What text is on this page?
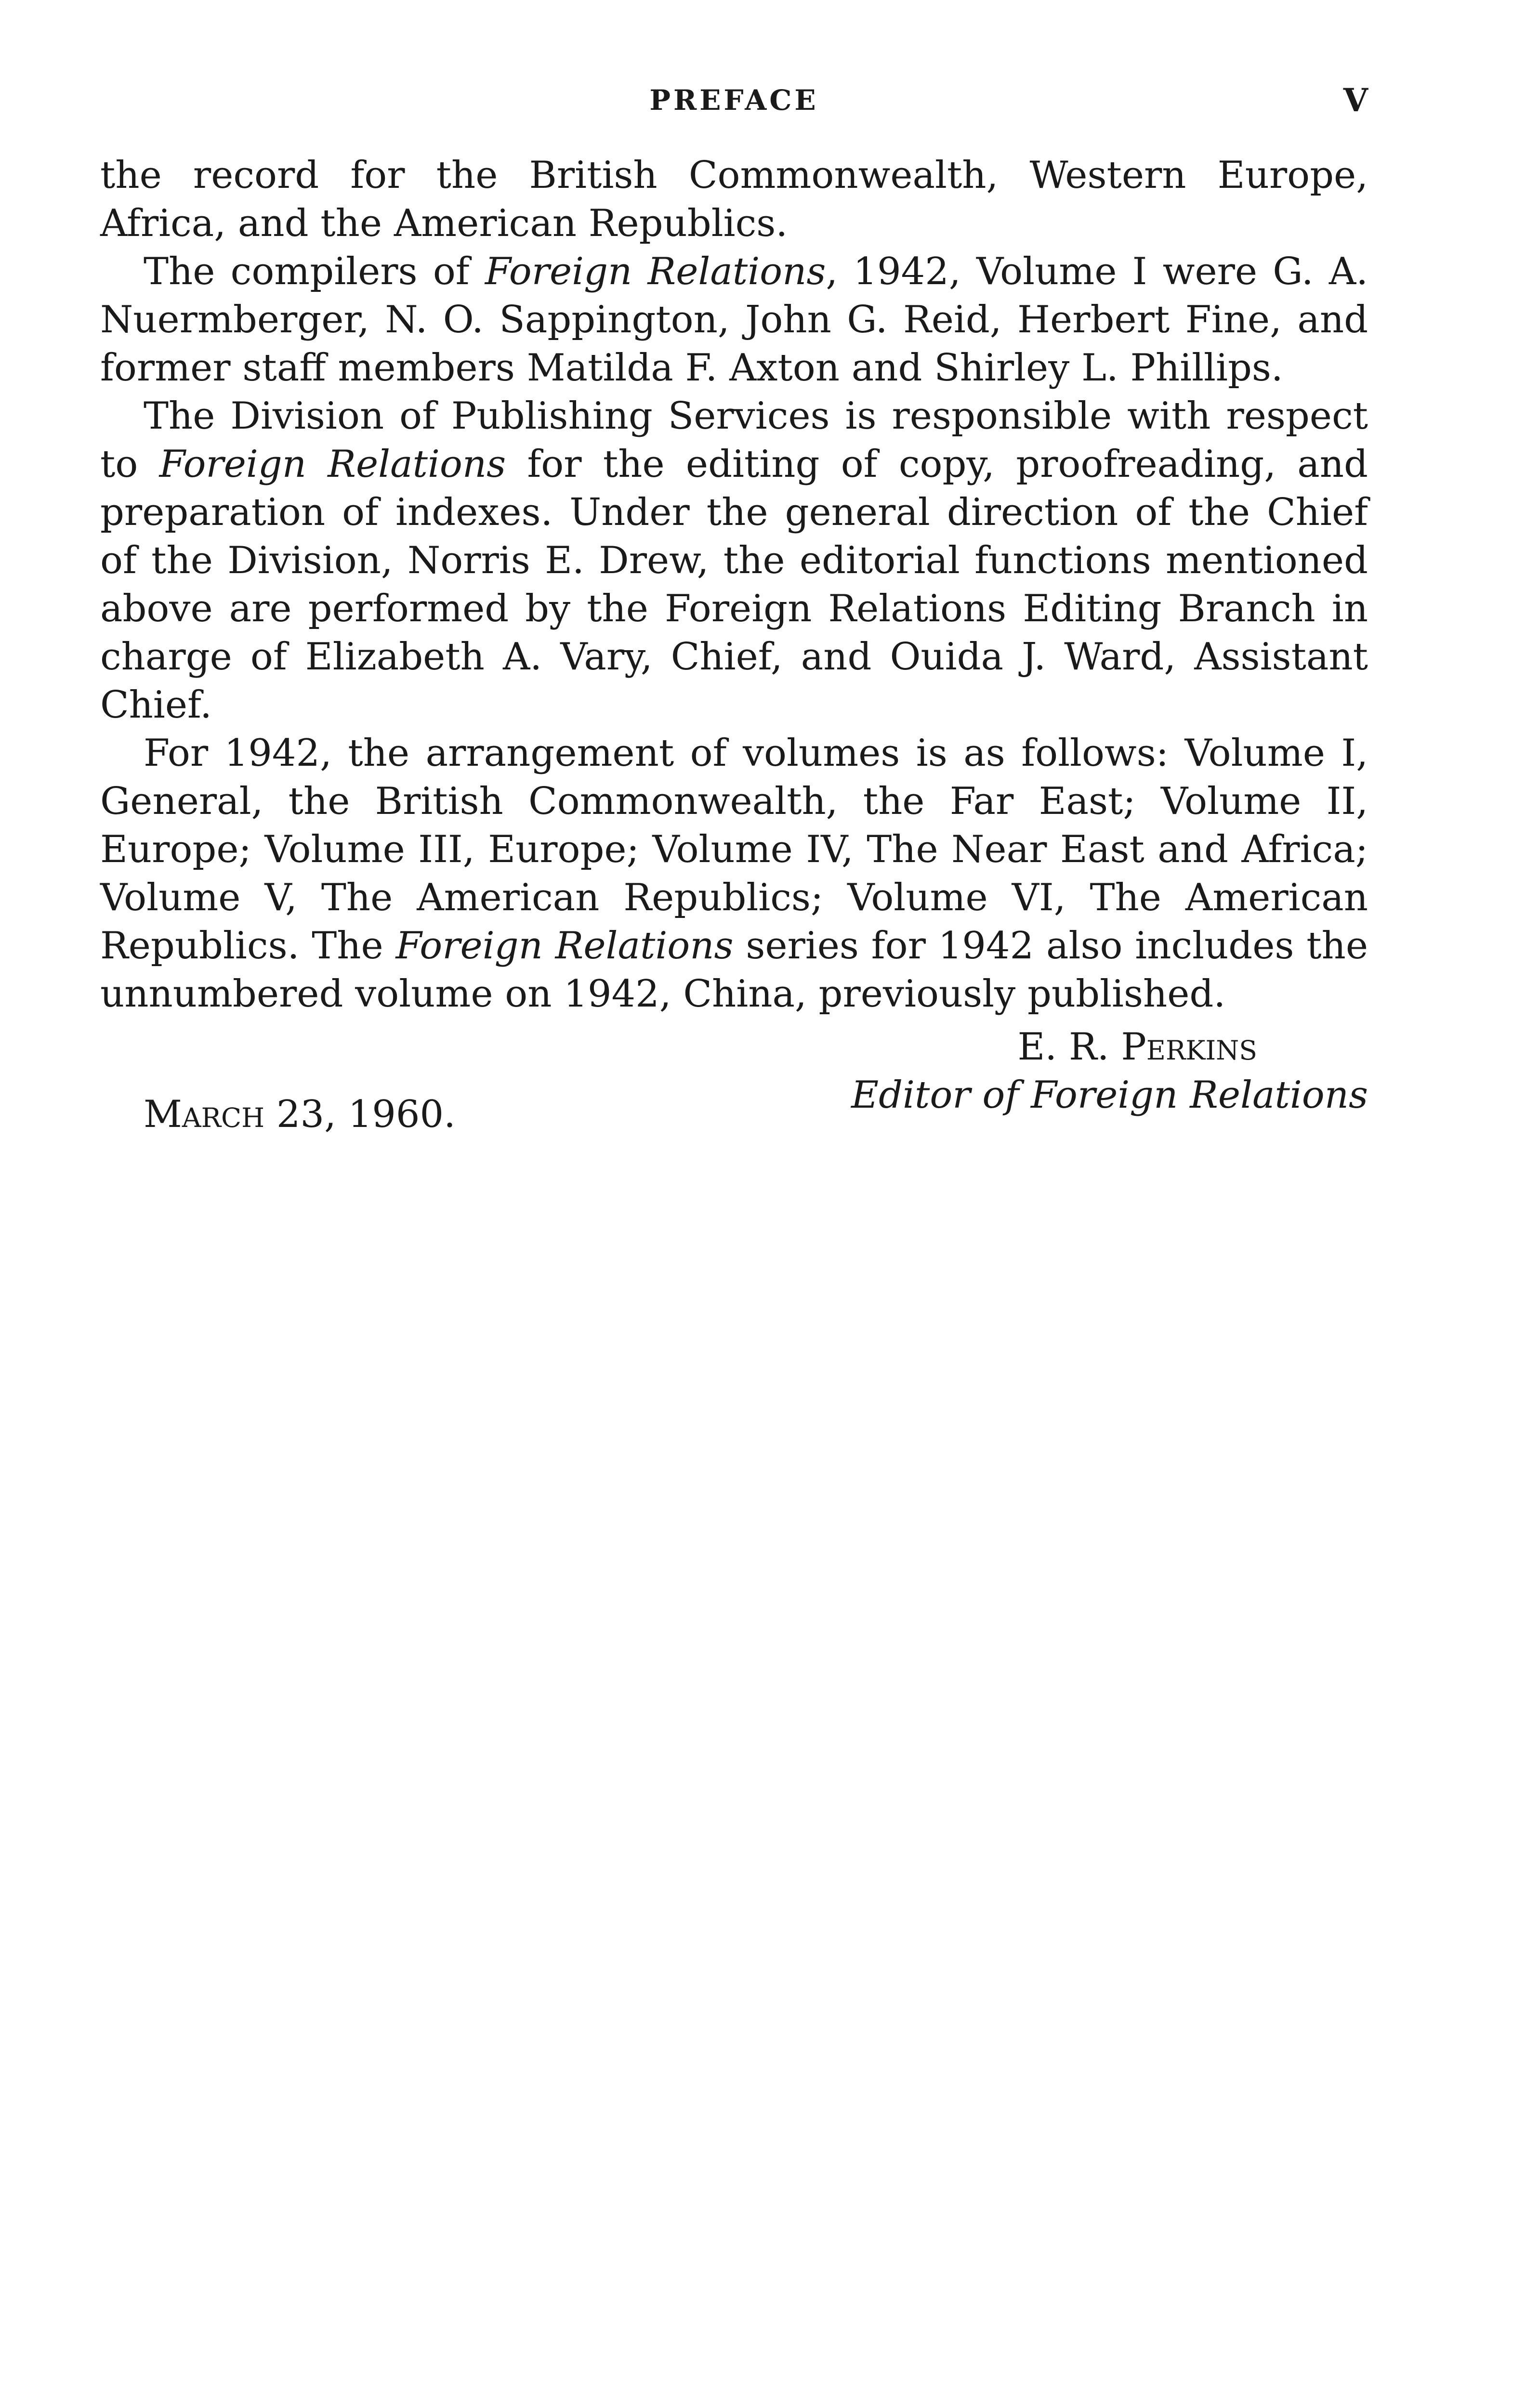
PREFACE	V

the record for the British Commonwealth, Western Europe, Africa, and the American Republics.

The compilers of Foreign Relations, 1942, Volume I were G. A. Nuermberger, N. O. Sappington, John G. Reid, Herbert Fine, and former staff members Matilda F. Axton and Shirley L. Phillips.

The Division of Publishing Services is responsible with respect to Foreign Relations for the editing of copy, proofreading, and preparation of indexes. Under the general direction of the Chief of the Division, Norris E. Drew, the editorial functions mentioned above are performed by the Foreign Relations Editing Branch in charge of Elizabeth A. Vary, Chief, and Ouida J. Ward, Assistant Chief.

For 1942, the arrangement of volumes is as follows: Volume I, General, the British Commonwealth, the Far East; Volume II, Europe; Volume III, Europe; Volume IV, The Near East and Africa; Volume V, The American Republics; Volume VI, The American Republics. The Foreign Relations series for 1942 also includes the unnumbered volume on 1942, China, previously published.

E. R. Perkins
Editor of Foreign Relations
March 23, 1960.
